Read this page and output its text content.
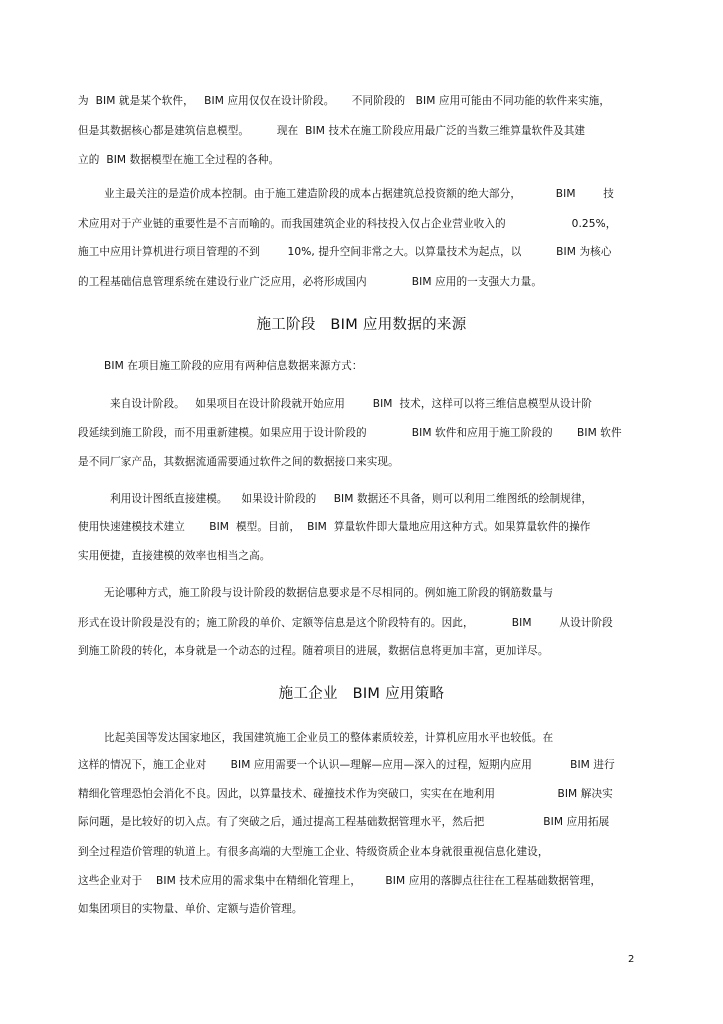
为  BIM 就是某个软件，   BIM 应用仅仅在设计阶段。     不同阶段的   BIM 应用可能由不同功能的软件来实施，
但是其数据核心都是建筑信息模型。        现在  BIM 技术在施工阶段应用最广泛的当数三维算量软件及其建
立的  BIM 数据模型在施工全过程的各种。
业主最关注的是造价成本控制。由于施工建造阶段的成本占据建筑总投资额的绝大部分，          BIM        技
术应用对于产业链的重要性是不言而喻的。而我国建筑企业的科技投入仅占企业营业收入的                   0.25%，
施工中应用计算机进行项目管理的不到        10%, 提升空间非常之大。以算量技术为起点，以          BIM 为核心
的工程基础信息管理系统在建设行业广泛应用，必将形成国内             BIM 应用的一支强大力量。
施工阶段   BIM 应用数据的来源
BIM 在项目施工阶段的应用有两种信息数据来源方式：
来自设计阶段。   如果项目在设计阶段就开始应用        BIM  技术，这样可以将三维信息模型从设计阶
段延续到施工阶段，而不用重新建模。如果应用于设计阶段的             BIM 软件和应用于施工阶段的       BIM 软件
是不同厂家产品，其数据流通需要通过软件之间的数据接口来实现。
利用设计图纸直接建模。    如果设计阶段的     BIM 数据还不具备，则可以利用二维图纸的绘制规律，
使用快速建模技术建立       BIM  模型。目前，  BIM  算量软件即大量地应用这种方式。如果算量软件的操作
实用便捷，直接建模的效率也相当之高。
无论哪种方式，施工阶段与设计阶段的数据信息要求是不尽相同的。例如施工阶段的钢筋数量与
形式在设计阶段是没有的；施工阶段的单价、定额等信息是这个阶段特有的。因此，           BIM        从设计阶段
到施工阶段的转化，本身就是一个动态的过程。随着项目的进展，数据信息将更加丰富，更加详尽。
施工企业   BIM 应用策略
比起美国等发达国家地区，我国建筑施工企业员工的整体素质较差，计算机应用水平也较低。在
这样的情况下，施工企业对       BIM 应用需要一个认识—理解—应用—深入的过程，短期内应用           BIM 进行
精细化管理恐怕会消化不良。因此，以算量技术、碰撞技术作为突破口，实实在在地利用                  BIM 解决实
际问题，是比较好的切入点。有了突破之后，通过提高工程基础数据管理水平，然后把                 BIM 应用拓展
到全过程造价管理的轨道上。有很多高端的大型施工企业、特级资质企业本身就很重视信息化建设，
这些企业对于    BIM 技术应用的需求集中在精细化管理上，       BIM 应用的落脚点往往在工程基础数据管理，
如集团项目的实物量、单价、定额与造价管理。
2
